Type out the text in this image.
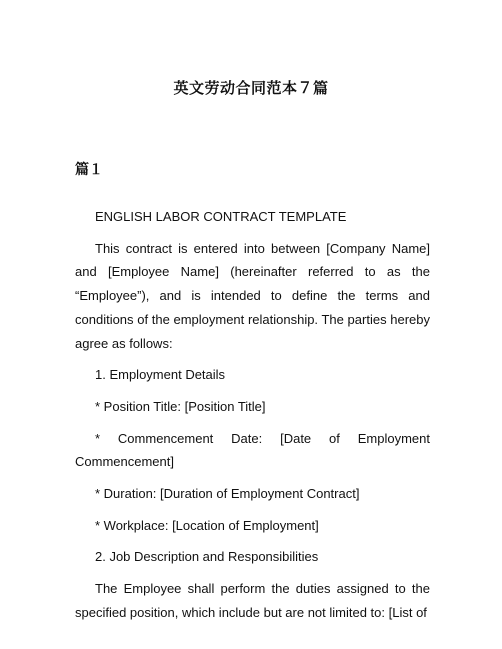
英文劳动合同范本７篇
篇１

ENGLISH LABOR CONTRACT TEMPLATE

This contract is entered into between [Company Name] and [Employee Name] (hereinafter referred to as the “Employee”), and is intended to define the terms and conditions of the employment relationship. The parties hereby agree as follows:

1. Employment Details

* Position Title: [Position Title]

* Commencement Date: [Date of Employment Commencement]

* Duration: [Duration of Employment Contract]

* Workplace: [Location of Employment]

2. Job Description and Responsibilities

The Employee shall perform the duties assigned to the specified position, which include but are not limited to: [List of
